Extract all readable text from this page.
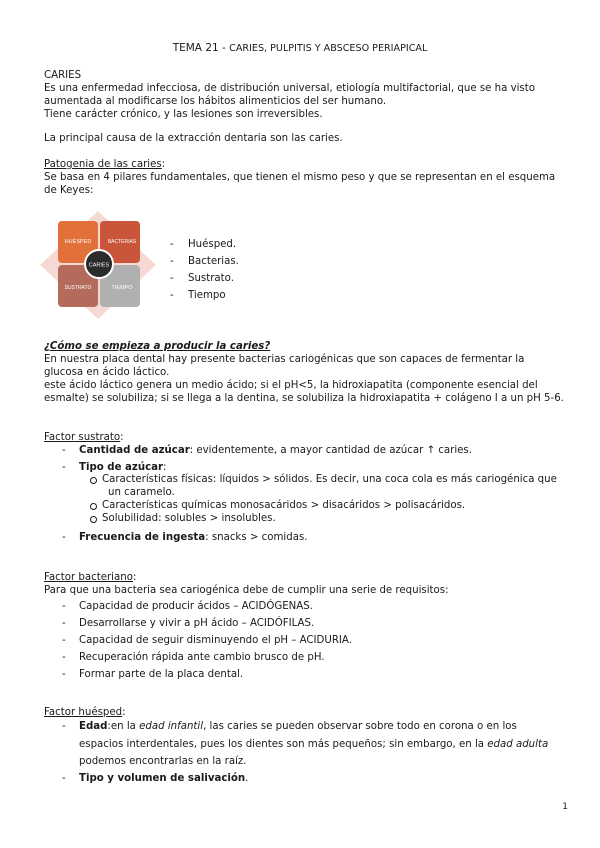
TEMA 21 - CARIES, PULPITIS Y ABSCESO PERIAPICAL
CARIES
Es una enfermedad infecciosa, de distribución universal, etiología multifactorial, que se ha visto
aumentada al modificarse los hábitos alimenticios del ser humano.
Tiene carácter crónico, y las lesiones son irreversibles.
La principal causa de la extracción dentaria son las caries.
Patogenia de las caries:
Se basa en 4 pilares fundamentales, que tienen el mismo peso y que se representan en el esquema
de Keyes:
CARIES
HUÉSPED	BACTERIAS
SUSTRATO	TIEMPO
- Huésped.
- Bacterias.
- Sustrato.
- Tiempo
¿Cómo se empieza a producir la caries?
En nuestra placa dental hay presente bacterias cariogénicas que son capaces de fermentar la
glucosa en ácido láctico.
este ácido láctico genera un medio ácido; si el pH<5, la hidroxiapatita (componente esencial del
esmalte) se solubiliza; si se llega a la dentina, se solubiliza la hidroxiapatita + colágeno I a un pH 5-6.
Factor sustrato:
- Cantidad de azúcar: evidentemente, a mayor cantidad de azúcar ↑ caries.
- Tipo de azúcar:
Características físicas: líquidos > sólidos. Es decir, una coca cola es más cariogénica que
un caramelo.
Características químicas monosacáridos > disacáridos > polisacáridos.
Solubilidad: solubles > insolubles.
- Frecuencia de ingesta: snacks > comidas.
Factor bacteriano:
Para que una bacteria sea cariogénica debe de cumplir una serie de requisitos:
- Capacidad de producir ácidos – ACIDÓGENAS.
- Desarrollarse y vivir a pH ácido – ACIDÓFILAS.
- Capacidad de seguir disminuyendo el pH – ACIDURIA.
- Recuperación rápida ante cambio brusco de pH.
- Formar parte de la placa dental.
Factor huésped:
- Edad:en la edad infantil, las caries se pueden observar sobre todo en corona o en los
espacios interdentales, pues los dientes son más pequeños; sin embargo, en la edad adulta
podemos encontrarlas en la raíz.
- Tipo y volumen de salivación.
1
